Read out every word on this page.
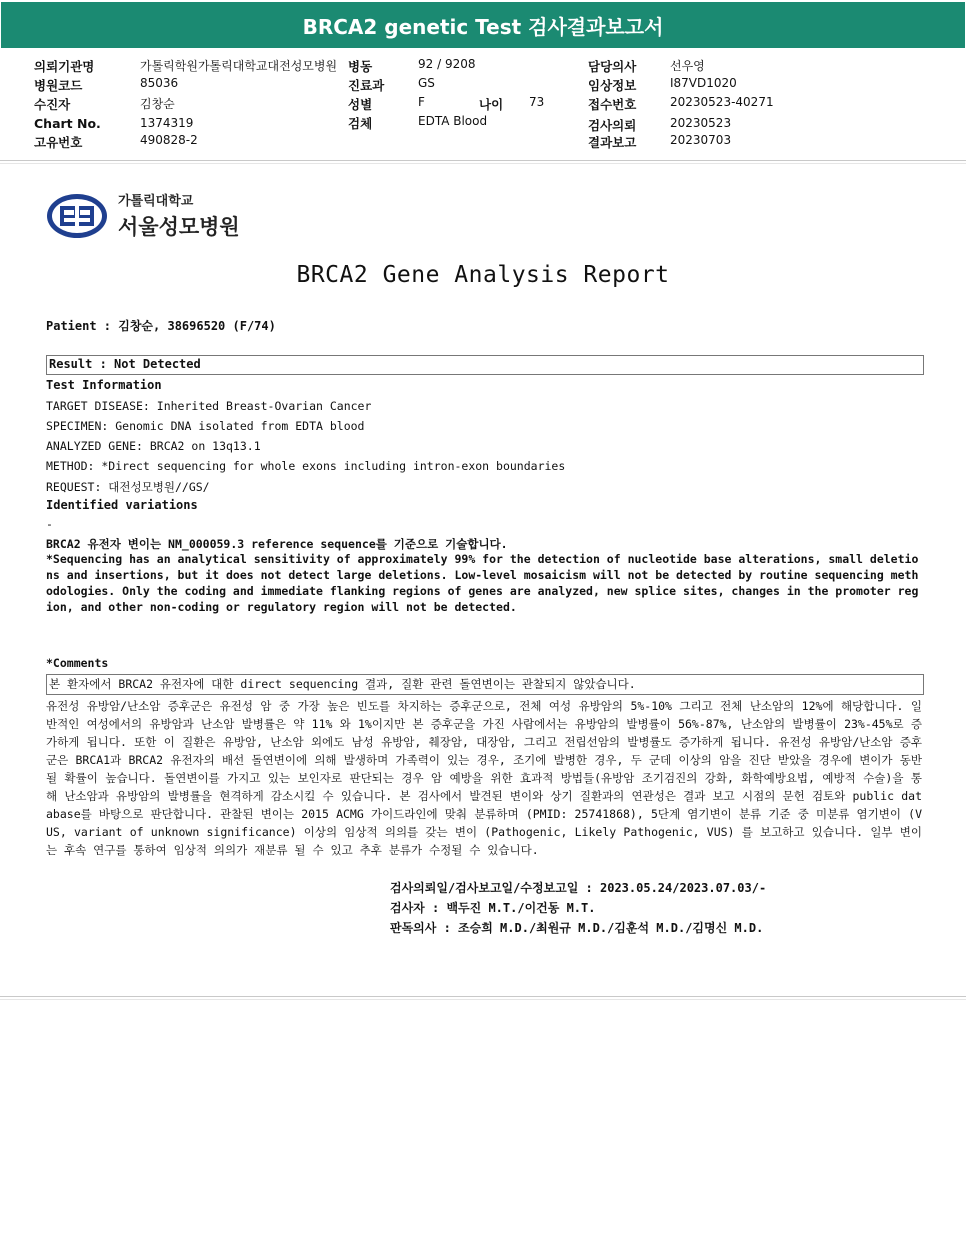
BRCA2 genetic Test 검사결과보고서
의뢰기관명	가톨릭학원가톨릭대학교대전성모병원 병동	92 / 9208	담당의사	선우영
병원코드	85036	진료과	GS	임상정보	I87VD1020
수진자	김창순	성별	F	나이 73	접수번호	20230523-40271
Chart No.	1374319	검체	EDTA Blood	검사의뢰	20230523
고유번호	490828-2	결과보고	20230703
가톨릭대학교
서울성모병원
BRCA2 Gene Analysis Report
Patient : 김창순, 38696520 (F/74)
Result : Not Detected
Test Information
TARGET DISEASE: Inherited Breast-Ovarian Cancer
SPECIMEN: Genomic DNA isolated from EDTA blood
ANALYZED GENE: BRCA2 on 13q13.1
METHOD: *Direct sequencing for whole exons including intron-exon boundaries
REQUEST: 대전성모병원//GS/
Identified variations
-
BRCA2 유전자 변이는 NM_000059.3 reference sequence를 기준으로 기술합니다.
*Sequencing has an analytical sensitivity of approximately 99% for the detection of nucleotide base alterations, small deletions and insertions, but it does not detect large deletions. Low-level mosaicism will not be detected by routine sequencing methodologies. Only the coding and immediate flanking regions of genes are analyzed, new splice sites, changes in the promoter region, and other non-coding or regulatory region will not be detected.
*Comments
본 환자에서 BRCA2 유전자에 대한 direct sequencing 결과, 질환 관련 돌연변이는 관찰되지 않았습니다.
유전성 유방암/난소암 증후군은 유전성 암 중 가장 높은 빈도를 차지하는 증후군으로, 전체 여성 유방암의 5%-10% 그리고 전체 난소암의 12%에 해당합니다. 일반적인 여성에서의 유방암과 난소암 발병률은 약 11% 와 1%이지만 본 증후군을 가진 사람에서는 유방암의 발병률이 56%-87%, 난소암의 발병률이 23%-45%로 증가하게 됩니다. 또한 이 질환은 유방암, 난소암 외에도 남성 유방암, 췌장암, 대장암, 그리고 전립선암의 발병률도 증가하게 됩니다. 유전성 유방암/난소암 증후군은 BRCA1과 BRCA2 유전자의 배선 돌연변이에 의해 발생하며 가족력이 있는 경우, 조기에 발병한 경우, 두 군데 이상의 암을 진단 받았을 경우에 변이가 동반될 확률이 높습니다. 돌연변이를 가지고 있는 보인자로 판단되는 경우 암 예방을 위한 효과적 방법들(유방암 조기검진의 강화, 화학예방요법, 예방적 수술)을 통해 난소암과 유방암의 발병률을 현격하게 감소시킬 수 있습니다. 본 검사에서 발견된 변이와 상기 질환과의 연관성은 결과 보고 시점의 문헌 검토와 public database를 바탕으로 판단합니다. 관찰된 변이는 2015 ACMG 가이드라인에 맞춰 분류하며 (PMID: 25741868), 5단계 염기변이 분류 기준 중 미분류 염기변이 (VUS, variant of unknown significance) 이상의 임상적 의의를 갖는 변이 (Pathogenic, Likely Pathogenic, VUS) 를 보고하고 있습니다. 일부 변이는 후속 연구를 통하여 임상적 의의가 재분류 될 수 있고 추후 분류가 수정될 수 있습니다.
검사의뢰일/검사보고일/수정보고일 : 2023.05.24/2023.07.03/-
검사자 : 백두진 M.T./이건동 M.T.
판독의사 : 조승희 M.D./최원규 M.D./김훈석 M.D./김명신 M.D.
